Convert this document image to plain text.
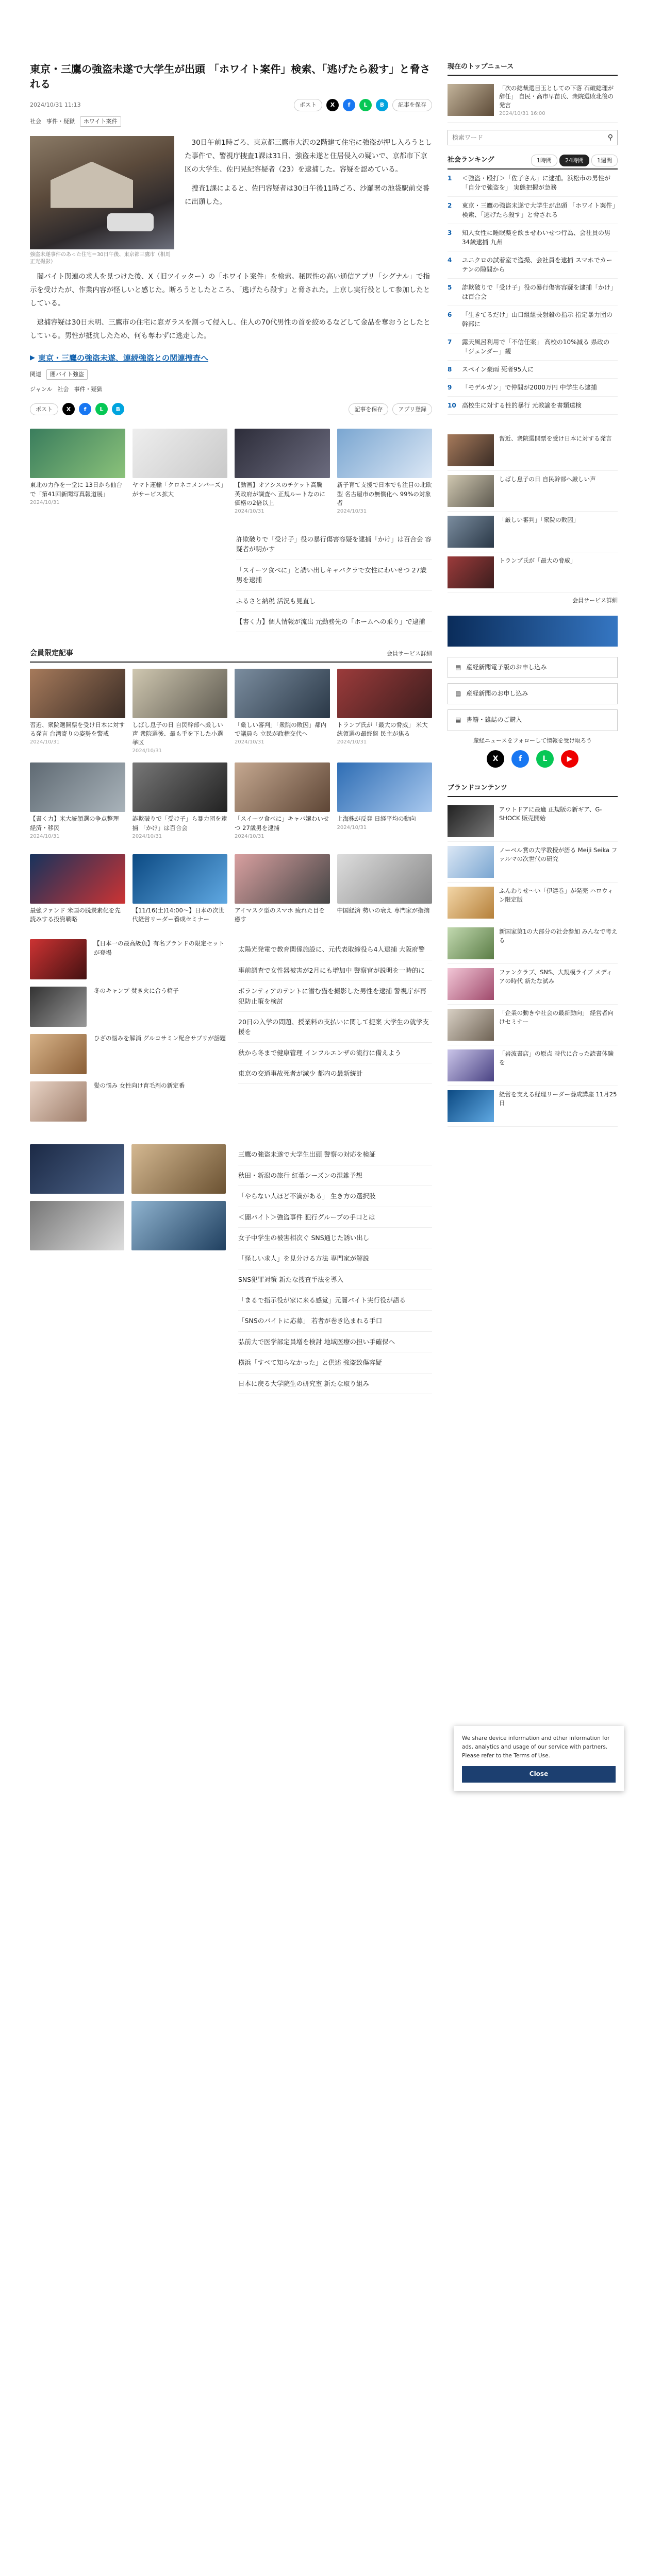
東京・三鷹の強盗未遂で大学生が出頭 「ホワイト案件」検索、「逃げたら殺す」と脅される
2024/10/31 11:13	ポスト	X	f	L	B	記事を保存
社会 事件・疑獄	ホワイト案件
強盗未遂事件のあった住宅＝30日午後、東京都三鷹市（相馬正光撮影）

30日午前1時ごろ、東京都三鷹市大沢の2階建て住宅に強盗が押し入ろうとした事件で、警視庁捜査1課は31日、強盗未遂と住居侵入の疑いで、京都市下京区の大学生、佐円晃紀容疑者（23）を逮捕した。容疑を認めている。

捜査1課によると、佐円容疑者は30日午後11時ごろ、沙羅署の池袋駅前交番に出頭した。

闇バイト関連の求人を見つけた後、X（旧ツイッター）の「ホワイト案件」を検索。秘匿性の高い通信アプリ「シグナル」で指示を受けたが、作業内容が怪しいと感じた。断ろうとしたところ、「逃げたら殺す」と脅された。上京し実行役として参加したとしている。

逮捕容疑は30日未明、三鷹市の住宅に窓ガラスを割って侵入し、住人の70代男性の首を絞めるなどして金品を奪おうとしたとしている。男性が抵抗したため、何も奪わずに逃走した。

▶ 東京・三鷹の強盗未遂、連続強盗との関連捜査へ
関連	闇バイト強盗
ジャンル 社会 事件・疑獄
ポスト	X	f	L	B	記事を保存	アプリ登録
東北の力作を一堂に 13日から仙台で「第41回新聞写真報道展」
2024/10/31
ヤマト運輸「クロネコメンバーズ」がサービス拡大
【動画】オアシスのチケット高騰 英政府が調査へ 正規ルートなのに価格の2倍以上
2024/10/31
新子育て支援で日本でも注目の北欧型 名古屋市の無償化へ 99%の対象者
2024/10/31
許欺破りで「受け子」役の暴行傷害容疑を逮捕「かけ」は百合会 容疑者が明かす
「スイーツ食べに」と誘い出しキャバクラで女性にわいせつ 27歳男を逮捕
ふるさと納税 活況も見直し
【書く力】個人情報が流出 元勤務先の「ホームへの乗り」で逮捕
会員限定記事	会員サービス詳細
習近、衆院選開票を受け日本に対する発言 台湾寄りの姿勢を警戒
2024/10/31
しばし息子の日 自民幹部へ厳しい声 衆院選後、最も手を下した小選挙区
2024/10/31
「厳しい審判」「衆院の敗因」都内で議員ら 立民が政権交代へ
2024/10/31
トランプ氏が「最大の脅威」 米大統領選の最終盤 民主が焦る
2024/10/31
【書く力】米大統領選の争点整理 経済・移民
2024/10/31
詐欺破りで「受け子」ら暴力団を逮捕 「かけ」は百合会
2024/10/31
「スイーツ食べに」キャバ嬢わいせつ 27歳男を逮捕
2024/10/31
上海株が反発 日経平均の動向
2024/10/31
最強ファンド 米国の脱炭素化を先読みする投資戦略
【11/16(土)14:00〜】日本の次世代経営リーダー養成セミナー
アイマスク型のスマホ 疲れた目を癒す
中国経済 勢いの衰え 専門家が指摘
【日本一の最高級魚】有名ブランドの限定セットが登場
冬のキャンプ 焚き火に合う椅子
ひざの悩みを解消 グルコサミン配合サプリが話題
髪の悩み 女性向け育毛剤の新定番
太陽光発電で教育関係施設に、元代表取締役ら4人逮捕 大阪府警
事前調査で女性器被害が2月にも増加中 警察官が説明を一時的に
ボランティアのテントに潜む猫を撮影した男性を逮捕 警視庁が再犯防止策を検討
20日の入学の問題、授業料の支払いに関して提案 大学生の就学支援を
秋から冬まで健康管理 インフルエンザの流行に備えよう
東京の交通事故死者が減少 都内の最新統計
三鷹の強盗未遂で大学生出頭 警察の対応を検証
秋田・新潟の旅行 紅葉シーズンの混雑予想
「やらない人ほど不満がある」 生き方の選択肢
＜闇バイト＞強盗事件 犯行グループの手口とは
女子中学生の被害相次ぐ SNS通じた誘い出し
「怪しい求人」を見分ける方法 専門家が解説
SNS犯罪対策 新たな捜査手法を導入
「まるで指示役が家に来る感覚」元闇バイト実行役が語る
「SNSのバイトに応募」 若者が巻き込まれる手口
弘前大で医学部定員増を検討 地域医療の担い手確保へ
横浜「すべて知らなかった」と供述 強盗致傷容疑
日本に戻る大学院生の研究室 新たな取り組み
現在のトップニュース
「次の総裁選目玉としての下落 石破総理が辞任」 自民・高市早苗氏、衆院選敗北後の発言
2024/10/31 16:00
検索ワード
⚲
社会ランキング	1時間	24時間	1週間
1	＜強盗・殴打＞「佐子さん」に逮捕。浜松市の男性が「自分で強盗を」 実態把握が急務
2	東京・三鷹の強盗未遂で大学生が出頭 「ホワイト案件」検索、「逃げたら殺す」と脅される
3	知人女性に睡眠薬を飲ませわいせつ行為、会社員の男34歳逮捕 九州
4	ユニクロの試着室で盗撮、会社員を逮捕 スマホでカーテンの隙間から
5	詐欺破りで「受け子」役の暴行傷害容疑を逮捕「かけ」は百合会
6	「生きてるだけ」山口組組長射殺の指示 指定暴力団の幹部に
7	露天風呂利用で「不信任案」 高校の10%減る 県政の「ジェンダー」観
8	スペイン豪雨 死者95人に
9	「モデルガン」で仲間が2000万円 中学生ら逮捕
10 高校生に対する性的暴行 元教諭を書類送検
習近、衆院選開票を受け日本に対する発言
しばし息子の日 自民幹部へ厳しい声
「厳しい審判」「衆院の敗因」
トランプ氏が「最大の脅威」
会員サービス詳細
▤ 産経新聞電子版のお申し込み
▤ 産経新聞のお申し込み
▤ 書籍・雑誌のご購入
産経ニュースをフォローして情報を受け取ろう
X	f	L	▶
ブランドコンテンツ
アウトドアに最適 正規版の新ギア、G-SHOCK 販売開始
ノーベル賞の大学教授が語る Meiji Seika ファルマの次世代の研究
ふんわりせ〜い「伊達巻」が発売 ハロウィン限定版
新国家第1の大部分の社会参加 みんなで考える
ファンクラブ、SNS、大規模ライブ メディアの時代 新たな試み
「企業の動きや社会の最新動向」 経営者向けセミナー
「岩波書店」の原点 時代に合った読書体験を
経営を支える経理リーダー養成講座 11月25日
We share device information and other information for ads, analytics and usage of our service with partners. Please refer to the Terms of Use.
Close
